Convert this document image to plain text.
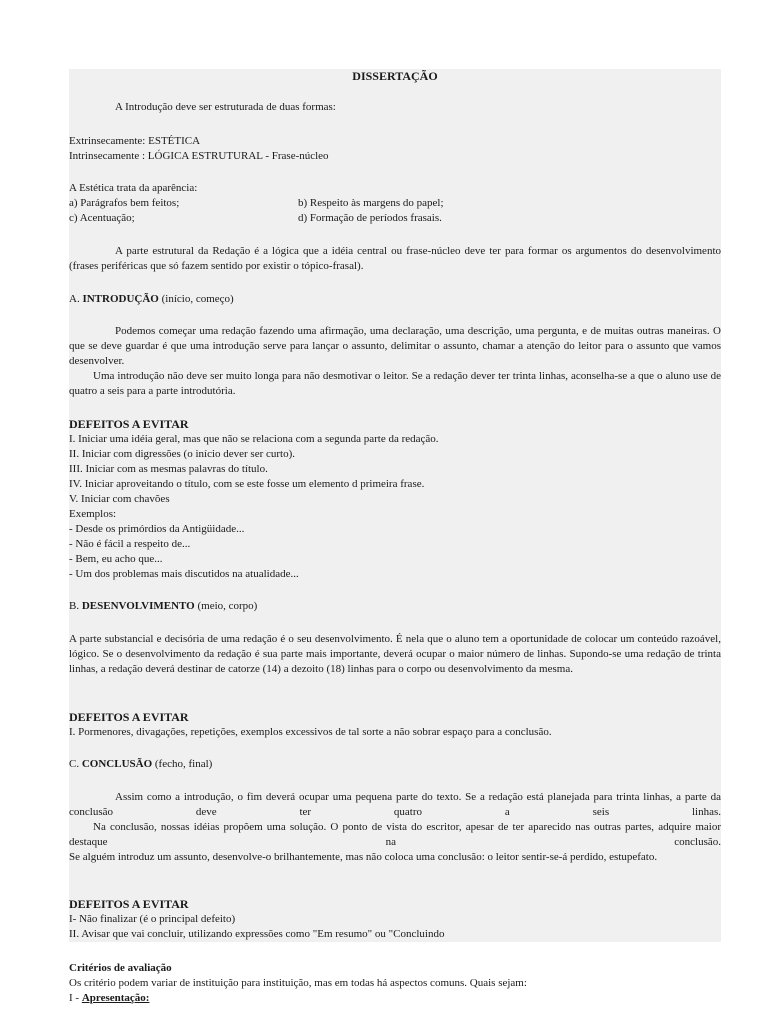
DISSERTAÇÃO
A Introdução deve ser estruturada de duas formas:
Extrinsecamente: ESTÉTICA
Intrinsecamente : LÓGICA ESTRUTURAL - Frase-núcleo
A Estética trata da aparência:
a) Parágrafos bem feitos;	b) Respeito às margens do papel;
c) Acentuação;	d) Formação de períodos frasais.
A parte estrutural da Redação é a lógica que a idéia central ou frase-núcleo deve ter para formar os argumentos do desenvolvimento (frases periféricas que só fazem sentido por existir o tópico-frasal).
A. INTRODUÇÃO (início, começo)
Podemos começar uma redação fazendo uma afirmação, uma declaração, uma descrição, uma pergunta, e de muitas outras maneiras. O que se deve guardar é que uma introdução serve para lançar o assunto, delimitar o assunto, chamar a atenção do leitor para o assunto que vamos desenvolver.
Uma introdução não deve ser muito longa para não desmotivar o leitor. Se a redação dever ter trinta linhas, aconselha-se a que o aluno use de quatro a seis para a parte introdutória.
DEFEITOS A EVITAR
I. Iniciar uma idéia geral, mas que não se relaciona com a segunda parte da redação.
II. Iniciar com digressões (o início dever ser curto).
III. Iniciar com as mesmas palavras do título.
IV. Iniciar aproveitando o título, com se este fosse um elemento d primeira frase.
V. Iniciar com chavões
Exemplos:
- Desde os primórdios da Antigüidade...
- Não é fácil a respeito de...
- Bem, eu acho que...
- Um dos problemas mais discutidos na atualidade...
B. DESENVOLVIMENTO (meio, corpo)
A parte substancial e decisória de uma redação é o seu desenvolvimento. É nela que o aluno tem a oportunidade de colocar um conteúdo razoável, lógico. Se o desenvolvimento da redação é sua parte mais importante, deverá ocupar o maior número de linhas. Supondo-se uma redação de trinta linhas, a redação deverá destinar de catorze (14) a dezoito (18) linhas para o corpo ou desenvolvimento da mesma.
DEFEITOS A EVITAR
I. Pormenores, divagações, repetições, exemplos excessivos de tal sorte a não sobrar espaço para a conclusão.
C. CONCLUSÃO (fecho, final)
Assim como a introdução, o fim deverá ocupar uma pequena parte do texto. Se a redação está planejada para trinta linhas, a parte da conclusão deve ter quatro a seis linhas.
Na conclusão, nossas idéias propõem uma solução. O ponto de vista do escritor, apesar de ter aparecido nas outras partes, adquire maior destaque na conclusão.
Se alguém introduz um assunto, desenvolve-o brilhantemente, mas não coloca uma conclusão: o leitor sentir-se-á perdido, estupefato.
DEFEITOS A EVITAR
I- Não finalizar (é o principal defeito)
II. Avisar que vai concluir, utilizando expressões como "Em resumo" ou "Concluindo
Critérios de avaliação
Os critério podem variar de instituição para instituição, mas em todas há aspectos comuns. Quais sejam:
I - Apresentação:
